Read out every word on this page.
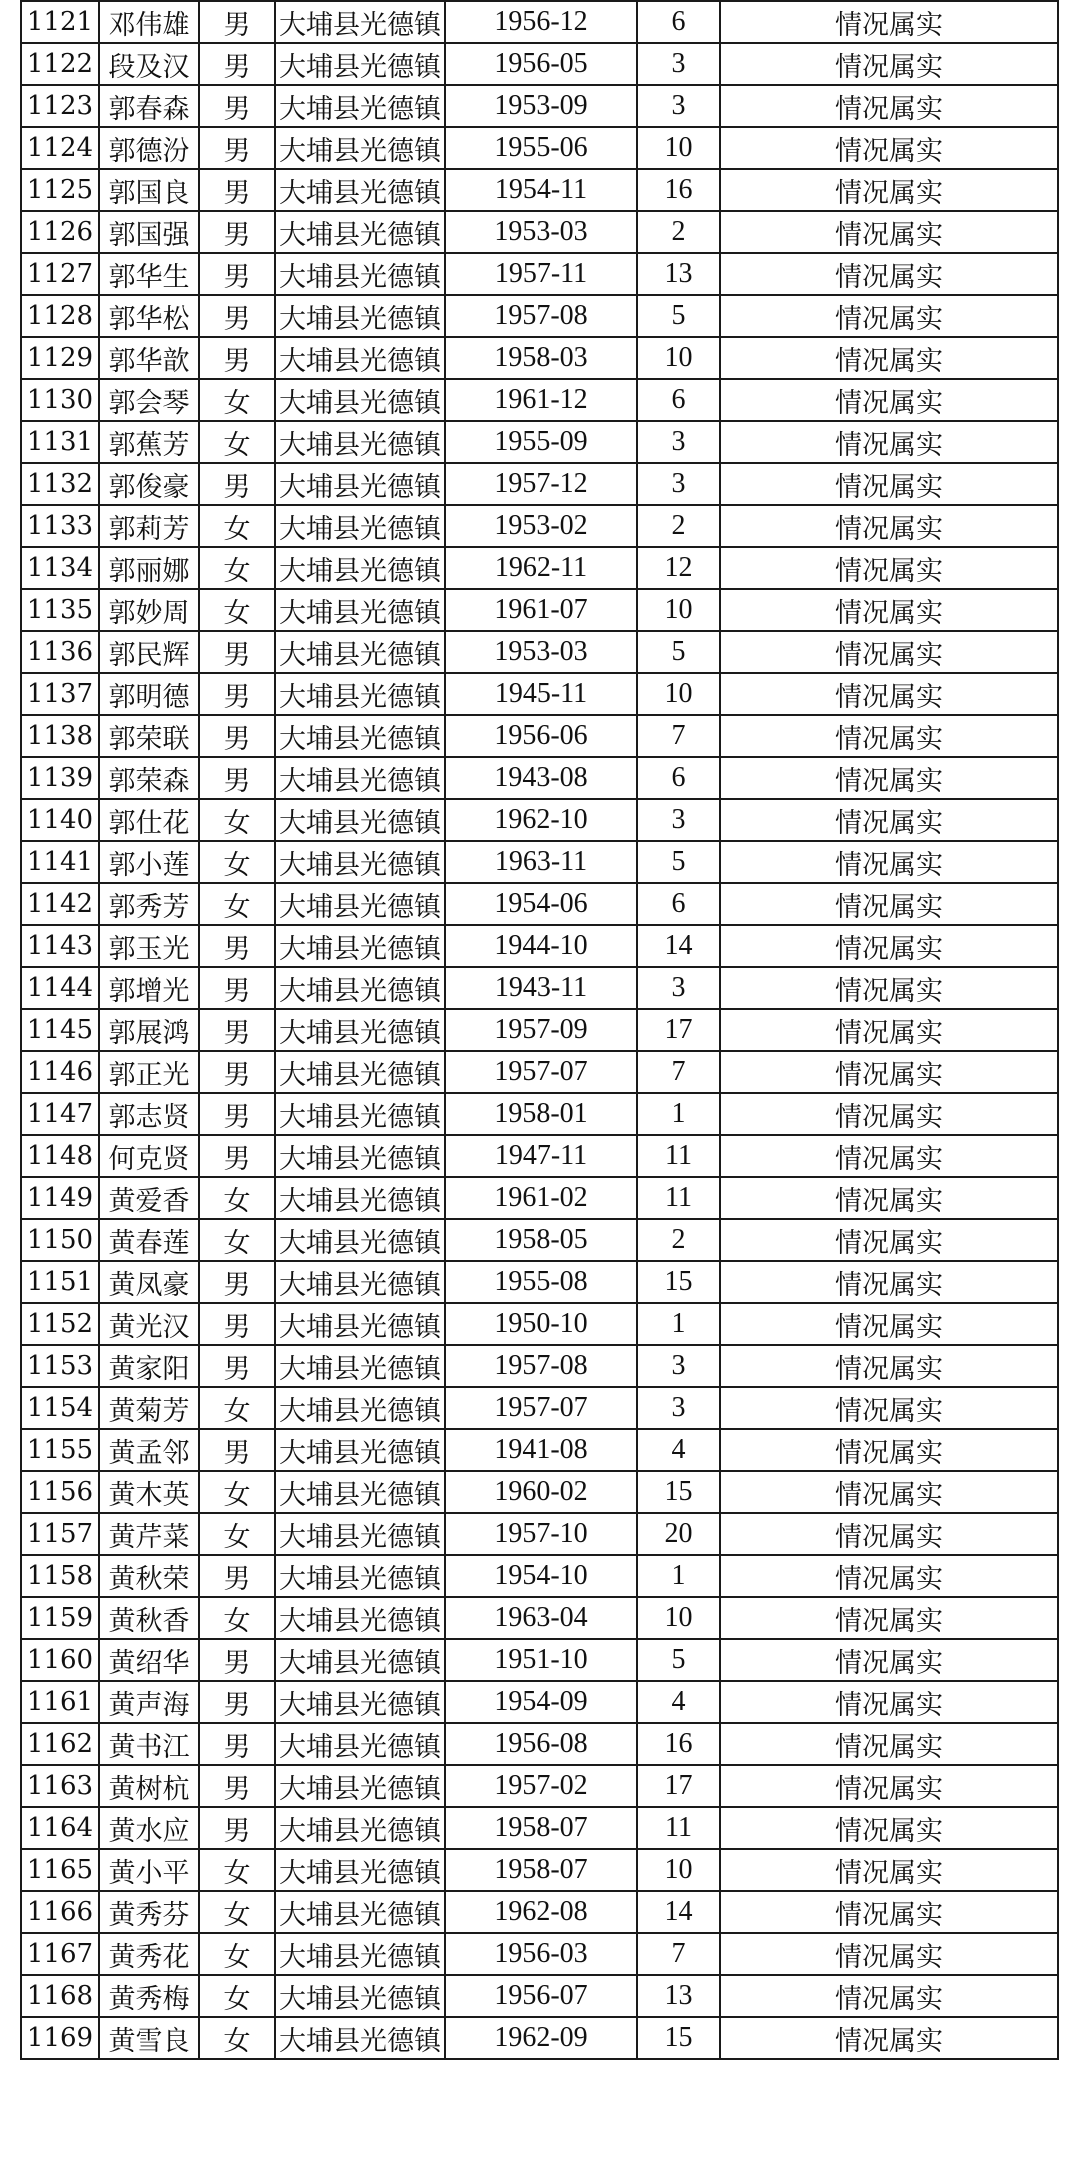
1121	邓伟雄	男	大埔县光德镇	1956-12	6	情况属实
1122	段及汉	男	大埔县光德镇	1956-05	3	情况属实
1123	郭春森	男	大埔县光德镇	1953-09	3	情况属实
1124	郭德汾	男	大埔县光德镇	1955-06	10	情况属实
1125	郭国良	男	大埔县光德镇	1954-11	16	情况属实
1126	郭国强	男	大埔县光德镇	1953-03	2	情况属实
1127	郭华生	男	大埔县光德镇	1957-11	13	情况属实
1128	郭华松	男	大埔县光德镇	1957-08	5	情况属实
1129	郭华歆	男	大埔县光德镇	1958-03	10	情况属实
1130	郭会琴	女	大埔县光德镇	1961-12	6	情况属实
1131	郭蕉芳	女	大埔县光德镇	1955-09	3	情况属实
1132	郭俊豪	男	大埔县光德镇	1957-12	3	情况属实
1133	郭莉芳	女	大埔县光德镇	1953-02	2	情况属实
1134	郭丽娜	女	大埔县光德镇	1962-11	12	情况属实
1135	郭妙周	女	大埔县光德镇	1961-07	10	情况属实
1136	郭民辉	男	大埔县光德镇	1953-03	5	情况属实
1137	郭明德	男	大埔县光德镇	1945-11	10	情况属实
1138	郭荣联	男	大埔县光德镇	1956-06	7	情况属实
1139	郭荣森	男	大埔县光德镇	1943-08	6	情况属实
1140	郭仕花	女	大埔县光德镇	1962-10	3	情况属实
1141	郭小莲	女	大埔县光德镇	1963-11	5	情况属实
1142	郭秀芳	女	大埔县光德镇	1954-06	6	情况属实
1143	郭玉光	男	大埔县光德镇	1944-10	14	情况属实
1144	郭增光	男	大埔县光德镇	1943-11	3	情况属实
1145	郭展鸿	男	大埔县光德镇	1957-09	17	情况属实
1146	郭正光	男	大埔县光德镇	1957-07	7	情况属实
1147	郭志贤	男	大埔县光德镇	1958-01	1	情况属实
1148	何克贤	男	大埔县光德镇	1947-11	11	情况属实
1149	黄爱香	女	大埔县光德镇	1961-02	11	情况属实
1150	黄春莲	女	大埔县光德镇	1958-05	2	情况属实
1151	黄凤豪	男	大埔县光德镇	1955-08	15	情况属实
1152	黄光汉	男	大埔县光德镇	1950-10	1	情况属实
1153	黄家阳	男	大埔县光德镇	1957-08	3	情况属实
1154	黄菊芳	女	大埔县光德镇	1957-07	3	情况属实
1155	黄孟邻	男	大埔县光德镇	1941-08	4	情况属实
1156	黄木英	女	大埔县光德镇	1960-02	15	情况属实
1157	黄芹菜	女	大埔县光德镇	1957-10	20	情况属实
1158	黄秋荣	男	大埔县光德镇	1954-10	1	情况属实
1159	黄秋香	女	大埔县光德镇	1963-04	10	情况属实
1160	黄绍华	男	大埔县光德镇	1951-10	5	情况属实
1161	黄声海	男	大埔县光德镇	1954-09	4	情况属实
1162	黄书江	男	大埔县光德镇	1956-08	16	情况属实
1163	黄树杭	男	大埔县光德镇	1957-02	17	情况属实
1164	黄水应	男	大埔县光德镇	1958-07	11	情况属实
1165	黄小平	女	大埔县光德镇	1958-07	10	情况属实
1166	黄秀芬	女	大埔县光德镇	1962-08	14	情况属实
1167	黄秀花	女	大埔县光德镇	1956-03	7	情况属实
1168	黄秀梅	女	大埔县光德镇	1956-07	13	情况属实
1169	黄雪良	女	大埔县光德镇	1962-09	15	情况属实
